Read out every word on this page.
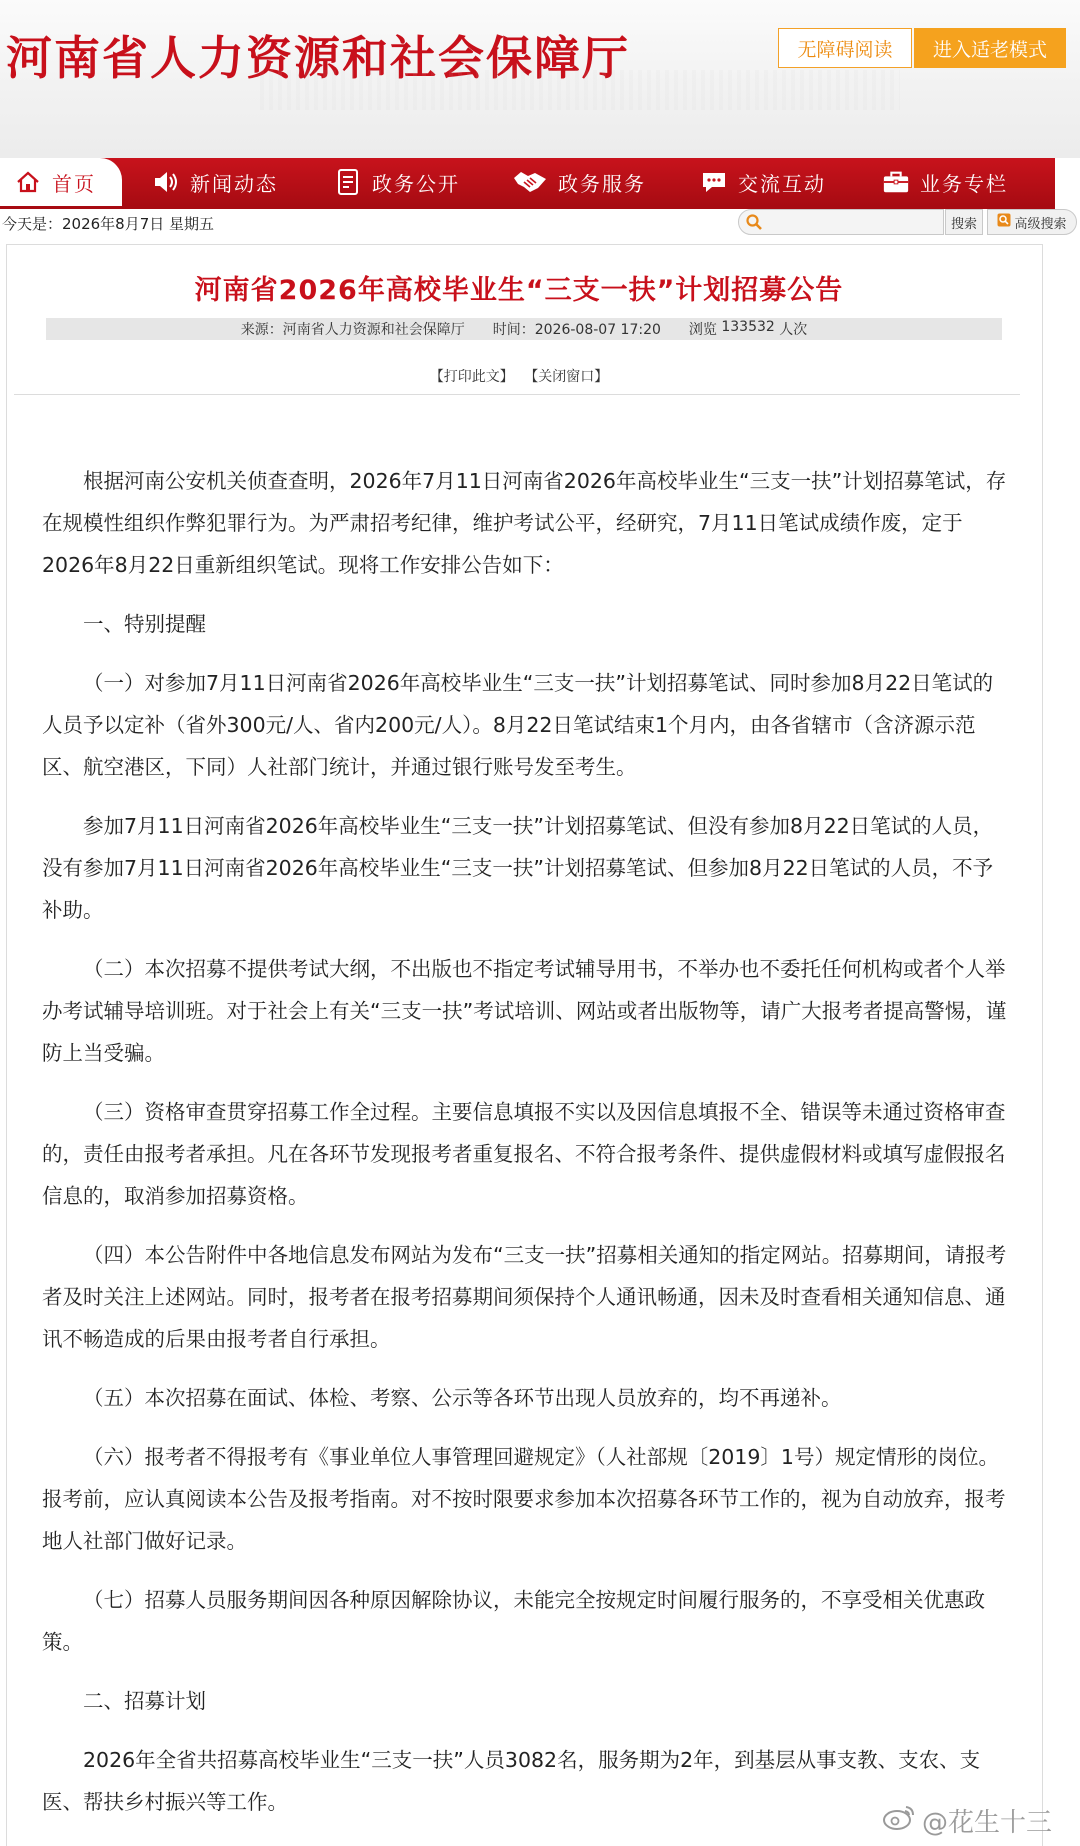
河南省人力资源和社会保障厅	无障碍阅读	进入适老模式
首页	新闻动态	政务公开	政务服务	交流互动	业务专栏
今天是：2026年8月7日 星期五	搜索	高级搜索
河南省2026年高校毕业生“三支一扶”计划招募公告
来源：河南省人力资源和社会保障厅 时间：2026-08-07 17:20 浏览
133532
人次
【打印此文】 【关闭窗口】

根据河南公安机关侦查查明，2026年7月11日河南省2026年高校毕业生“三支一扶”计划招募笔试，存在规模性组织作弊犯罪行为。为严肃招考纪律，维护考试公平，经研究，7月11日笔试成绩作废，定于2026年8月22日重新组织笔试。现将工作安排公告如下：

一、特别提醒

（一）对参加7月11日河南省2026年高校毕业生“三支一扶”计划招募笔试、同时参加8月22日笔试的人员予以定补（省外300元/人、省内200元/人）。8月22日笔试结束1个月内，由各省辖市（含济源示范区、航空港区，下同）人社部门统计，并通过银行账号发至考生。

参加7月11日河南省2026年高校毕业生“三支一扶”计划招募笔试、但没有参加8月22日笔试的人员，没有参加7月11日河南省2026年高校毕业生“三支一扶”计划招募笔试、但参加8月22日笔试的人员，不予补助。

（二）本次招募不提供考试大纲，不出版也不指定考试辅导用书，不举办也不委托任何机构或者个人举办考试辅导培训班。对于社会上有关“三支一扶”考试培训、网站或者出版物等，请广大报考者提高警惕，谨防上当受骗。

（三）资格审查贯穿招募工作全过程。主要信息填报不实以及因信息填报不全、错误等未通过资格审查的，责任由报考者承担。凡在各环节发现报考者重复报名、不符合报考条件、提供虚假材料或填写虚假报名信息的，取消参加招募资格。

（四）本公告附件中各地信息发布网站为发布“三支一扶”招募相关通知的指定网站。招募期间，请报考者及时关注上述网站。同时，报考者在报考招募期间须保持个人通讯畅通，因未及时查看相关通知信息、通讯不畅造成的后果由报考者自行承担。

（五）本次招募在面试、体检、考察、公示等各环节出现人员放弃的，均不再递补。

（六）报考者不得报考有《事业单位人事管理回避规定》（人社部规〔2019〕1号）规定情形的岗位。报考前，应认真阅读本公告及报考指南。对不按时限要求参加本次招募各环节工作的，视为自动放弃，报考地人社部门做好记录。

（七）招募人员服务期间因各种原因解除协议，未能完全按规定时间履行服务的，不享受相关优惠政策。

二、招募计划

2026年全省共招募高校毕业生“三支一扶”人员3082名，服务期为2年，到基层从事支教、支农、支医、帮扶乡村振兴等工作。

@花生十三
